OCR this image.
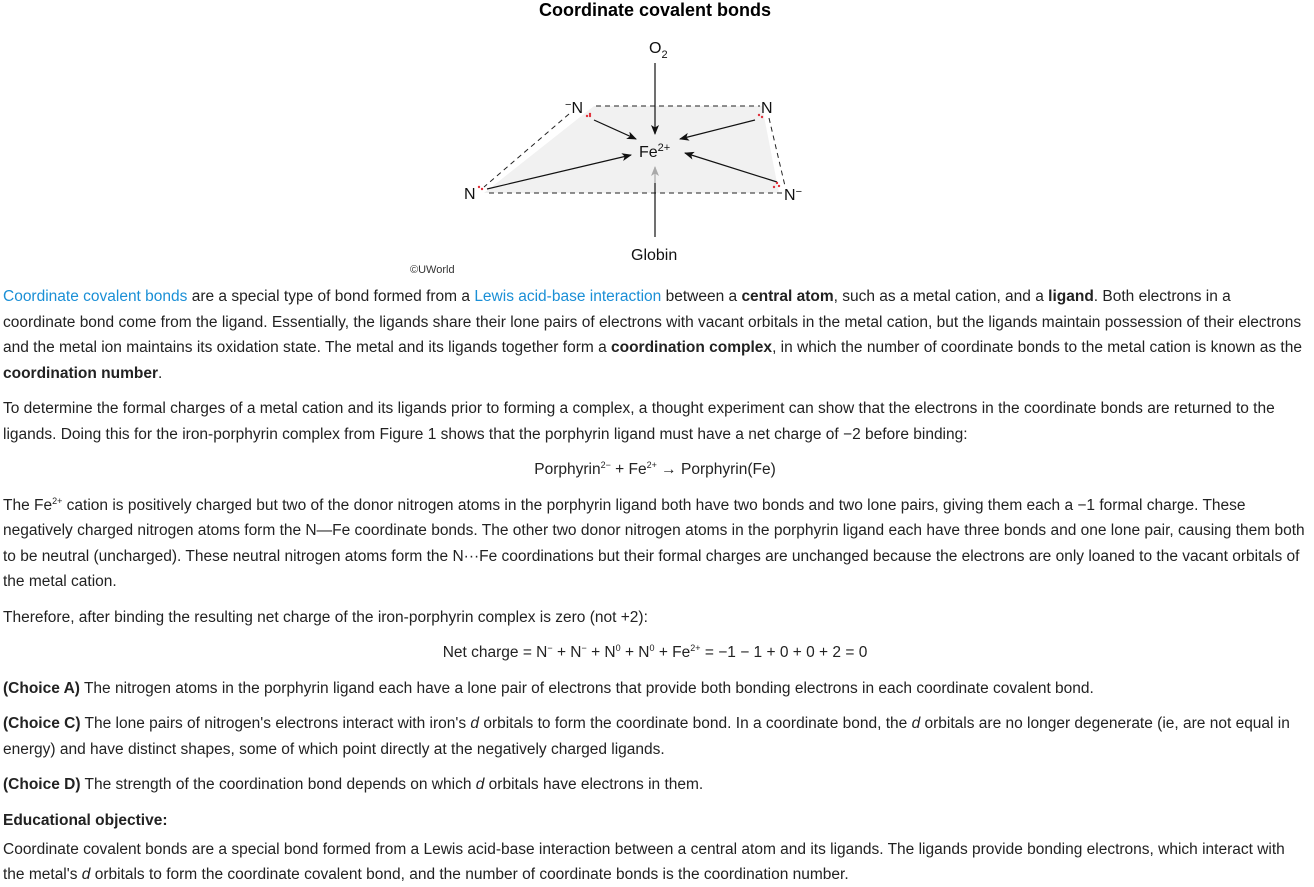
Coordinate covalent bonds
$O_2$
−N	N
N	N−
$Fe^{2+}$
Globin
©UWorld

Coordinate covalent bonds are a special type of bond formed from a Lewis acid-base interaction between a central atom, such as a metal cation, and a ligand. Both electrons in a coordinate bond come from the ligand. Essentially, the ligands share their lone pairs of electrons with vacant orbitals in the metal cation, but the ligands maintain possession of their electrons and the metal ion maintains its oxidation state. The metal and its ligands together form a coordination complex, in which the number of coordinate bonds to the metal cation is known as the coordination number.

To determine the formal charges of a metal cation and its ligands prior to forming a complex, a thought experiment can show that the electrons in the coordinate bonds are returned to the ligands. Doing this for the iron-porphyrin complex from Figure 1 shows that the porphyrin ligand must have a net charge of −2 before binding:

Porphyrin$^{2-}$ + $Fe^{2+}$ → Porphyrin(Fe)

The $Fe^{2+}$ cation is positively charged but two of the donor nitrogen atoms in the porphyrin ligand both have two bonds and two lone pairs, giving them each a −1 formal charge. These negatively charged nitrogen atoms form the N—Fe coordinate bonds. The other two donor nitrogen atoms in the porphyrin ligand each have three bonds and one lone pair, causing them both to be neutral (uncharged). These neutral nitrogen atoms form the N···Fe coordinations but their formal charges are unchanged because the electrons are only loaned to the vacant orbitals of the metal cation.

Therefore, after binding the resulting net charge of the iron-porphyrin complex is zero (not +2):

Net charge = $N^- + N^- + N^0 + N^0 + Fe^{2+} = -1 - 1 + 0 + 0 + 2 = 0$

(Choice A) The nitrogen atoms in the porphyrin ligand each have a lone pair of electrons that provide both bonding electrons in each coordinate covalent bond.

(Choice C) The lone pairs of nitrogen's electrons interact with iron's d orbitals to form the coordinate bond. In a coordinate bond, the d orbitals are no longer degenerate (ie, are not equal in energy) and have distinct shapes, some of which point directly at the negatively charged ligands.

(Choice D) The strength of the coordination bond depends on which d orbitals have electrons in them.

Educational objective:
Coordinate covalent bonds are a special bond formed from a Lewis acid-base interaction between a central atom and its ligands. The ligands provide bonding electrons, which interact with the metal's d orbitals to form the coordinate covalent bond, and the number of coordinate bonds is the coordination number.
